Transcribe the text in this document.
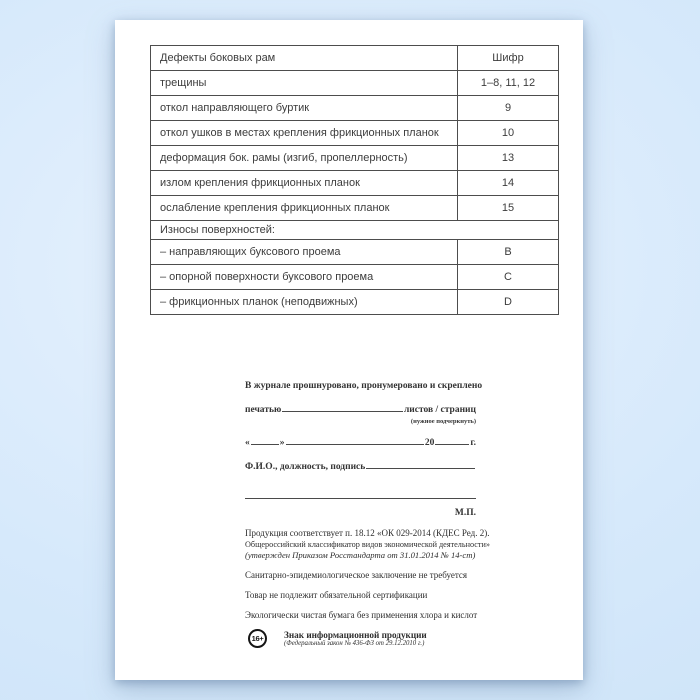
Дефекты боковых рам	Шифр
трещины	1–8, 11, 12
откол направляющего буртик	9
откол ушков в местах крепления фрикционных планок	10
деформация бок. рамы (изгиб, пропеллерность)	13
излом крепления фрикционных планок	14
ослабление крепления фрикционных планок	15
Износы поверхностей:	
– направляющих буксового проема	B
– опорной поверхности буксового проема	C
– фрикционных планок (неподвижных)	D
В журнале прошнуровано, пронумеровано и скреплено
печатью	листов / страниц
(нужное подчеркнуть)
«	»	20	г.
Ф.И.О., должность, подпись
М.П.
Продукция соответствует п. 18.12 «ОК 029-2014 (КДЕС Ред. 2).
Общероссийский классификатор видов экономической деятельности»
(утвержден Приказом Росстандарта от 31.01.2014 № 14-ст)
Санитарно-эпидемиологическое заключение не требуется
Товар не подлежит обязательной сертификации
Экологически чистая бумага без применения хлора и кислот
16+	Знак информационной продукции
(Федеральный закон № 436-ФЗ от 29.12.2010 г.)
